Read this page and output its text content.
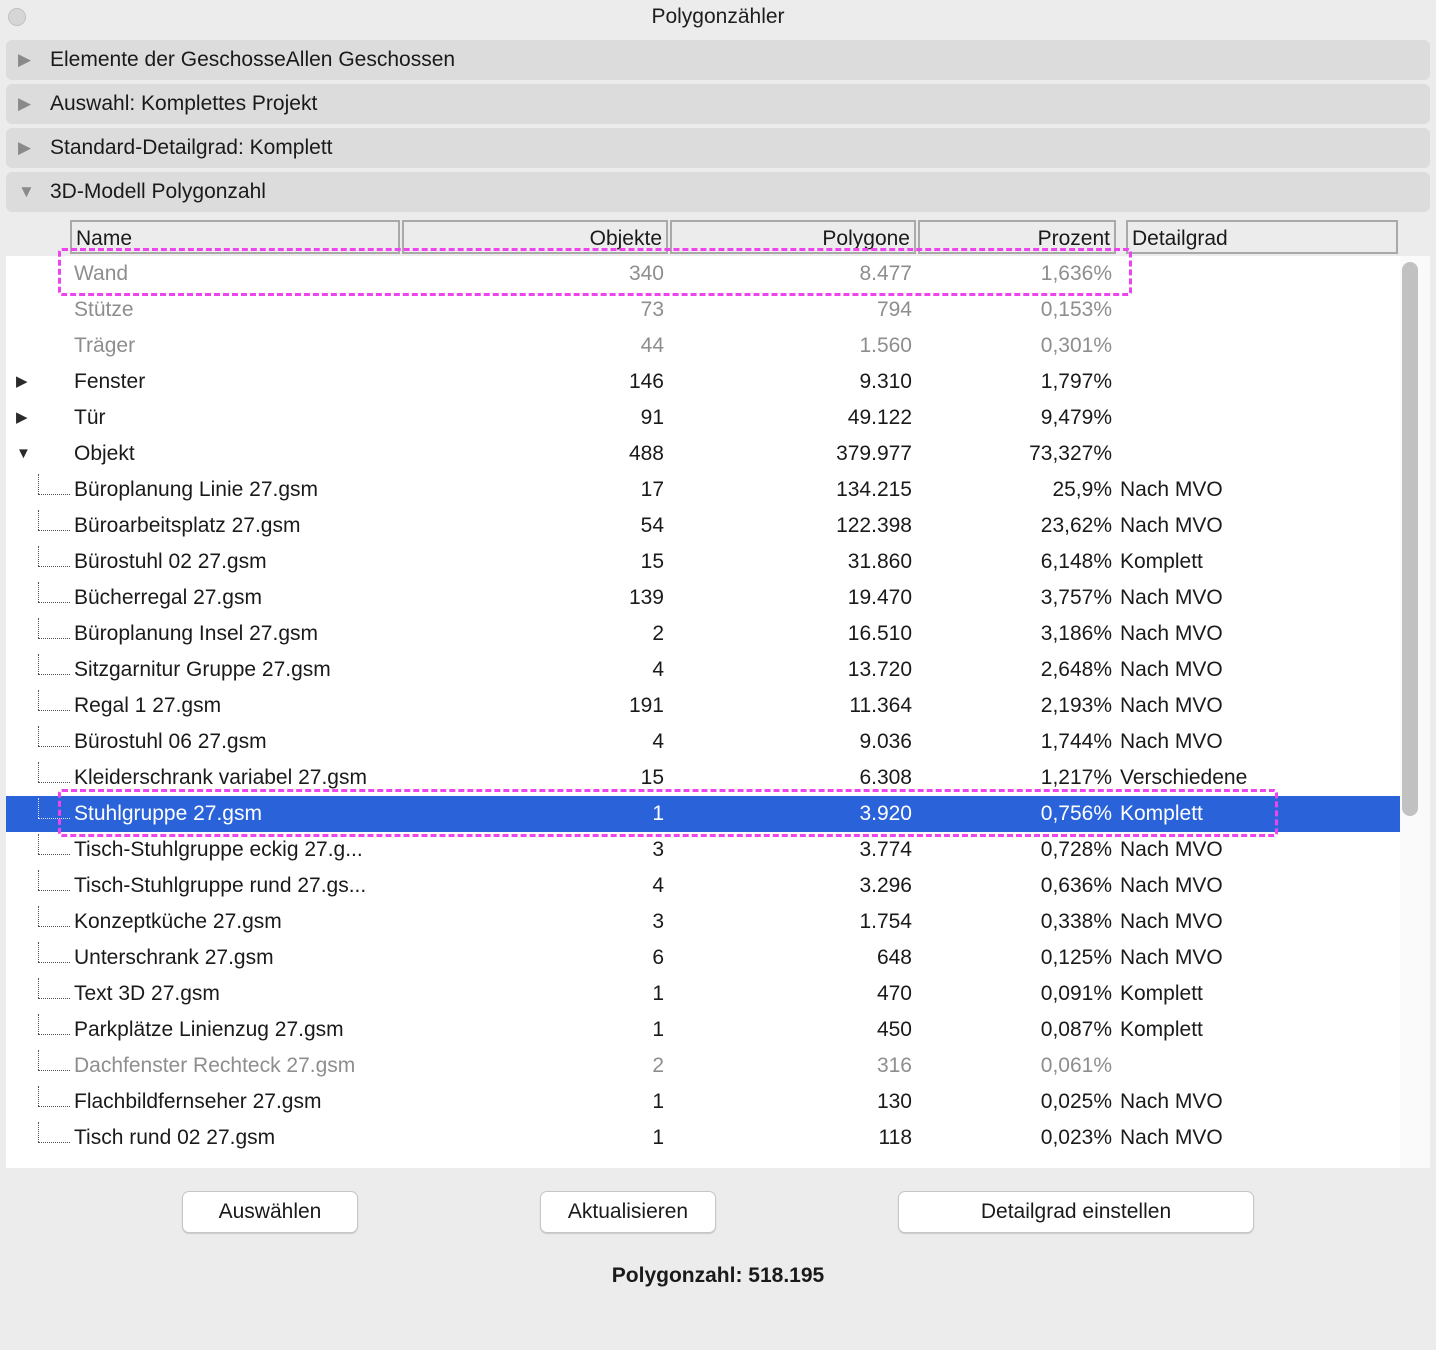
Polygonzähler
▶ Elemente der GeschosseAllen Geschossen
▶ Auswahl: Komplettes Projekt
▶ Standard-Detailgrad: Komplett
▼ 3D-Modell Polygonzahl
Name	Objekte	Polygone	Prozent Detailgrad
Wand	340	8.477	1,636%
Stütze	73	794	0,153%
Träger	44	1.560	0,301%
▶ Fenster	146	9.310	1,797%
▶ Tür	91	49.122	9,479%
▼ Objekt	488	379.977	73,327%
Büroplanung Linie 27.gsm	17	134.215	25,9% Nach MVO
Büroarbeitsplatz 27.gsm	54	122.398	23,62% Nach MVO
Bürostuhl 02 27.gsm	15	31.860	6,148% Komplett
Bücherregal 27.gsm	139	19.470	3,757% Nach MVO
Büroplanung Insel 27.gsm	2	16.510	3,186% Nach MVO
Sitzgarnitur Gruppe 27.gsm	4	13.720	2,648% Nach MVO
Regal 1 27.gsm	191	11.364	2,193% Nach MVO
Bürostuhl 06 27.gsm	4	9.036	1,744% Nach MVO
Kleiderschrank variabel 27.gsm	15	6.308	1,217% Verschiedene
Stuhlgruppe 27.gsm	1	3.920	0,756% Komplett
Tisch-Stuhlgruppe eckig 27.g...	3	3.774	0,728% Nach MVO
Tisch-Stuhlgruppe rund 27.gs...	4	3.296	0,636% Nach MVO
Konzeptküche 27.gsm	3	1.754	0,338% Nach MVO
Unterschrank 27.gsm	6	648	0,125% Nach MVO
Text 3D 27.gsm	1	470	0,091% Komplett
Parkplätze Linienzug 27.gsm	1	450	0,087% Komplett
Dachfenster Rechteck 27.gsm	2	316	0,061%
Flachbildfernseher 27.gsm	1	130	0,025% Nach MVO
Tisch rund 02 27.gsm	1	118	0,023% Nach MVO
Auswählen	Aktualisieren	Detailgrad einstellen
Polygonzahl: 518.195
